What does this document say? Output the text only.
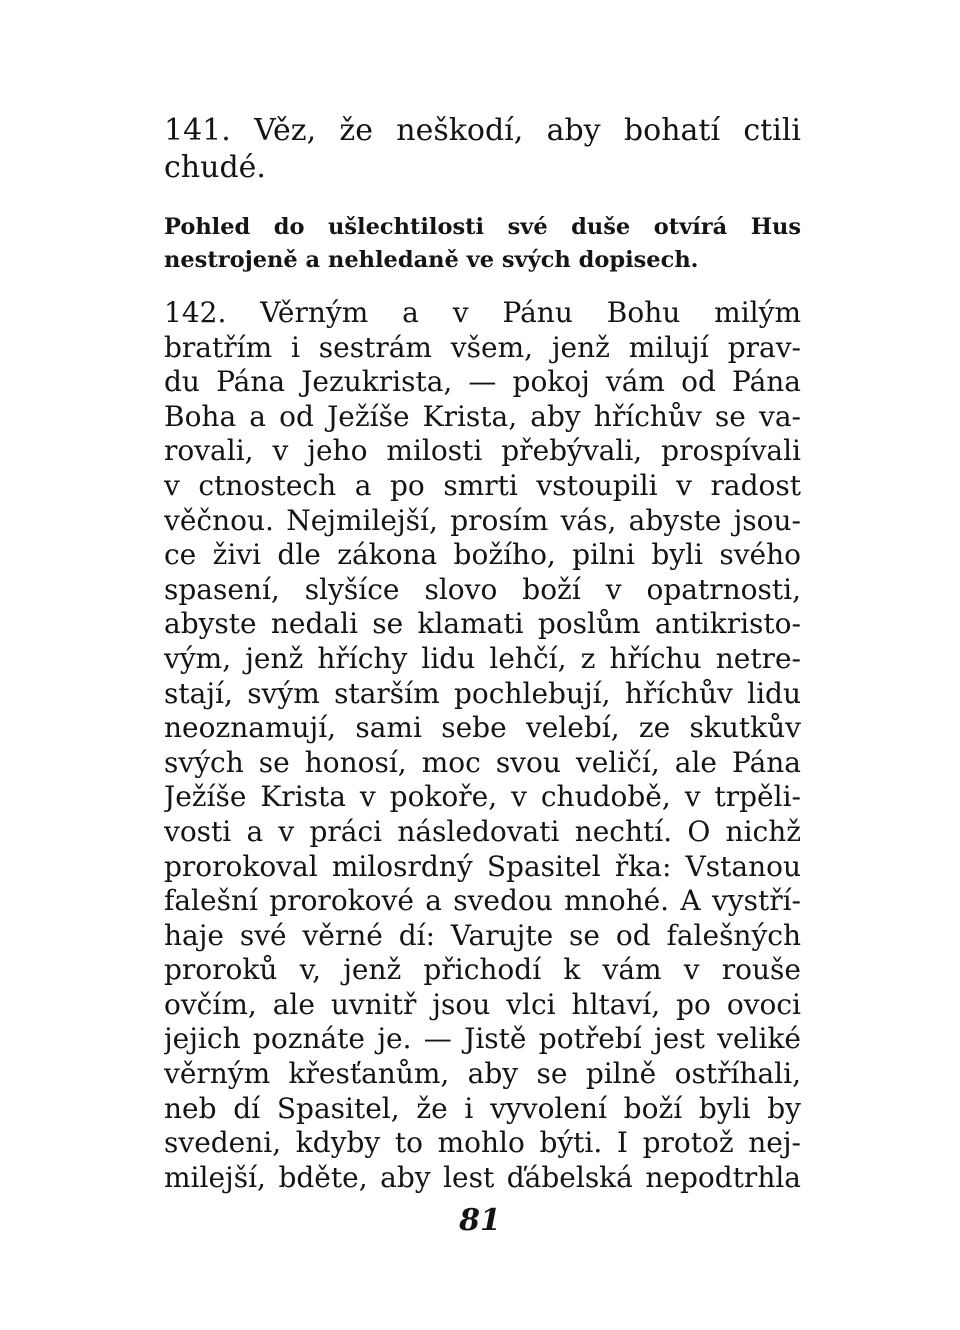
141. Věz, že neškodí, aby bohatí ctili
chudé.
Pohled do ušlechtilosti své duše otvírá Hus
nestrojeně a nehledaně ve svých dopisech.
142. Věrným a v Pánu Bohu milým
bratřím i sestrám všem, jenž milují prav-
du Pána Jezukrista, — pokoj vám od Pána
Boha a od Ježíše Krista, aby hříchův se va-
rovali, v jeho milosti přebývali, prospívali
v ctnostech a po smrti vstoupili v radost
věčnou. Nejmilejší, prosím vás, abyste jsou-
ce živi dle zákona božího, pilni byli svého
spasení, slyšíce slovo boží v opatrnosti,
abyste nedali se klamati poslům antikristo-
vým, jenž hříchy lidu lehčí, z hříchu netre-
stají, svým starším pochlebují, hříchův lidu
neoznamují, sami sebe velebí, ze skutkův
svých se honosí, moc svou veličí, ale Pána
Ježíše Krista v pokoře, v chudobě, v trpěli-
vosti a v práci následovati nechtí. O nichž
prorokoval milosrdný Spasitel řka: Vstanou
falešní prorokové a svedou mnohé. A vystří-
haje své věrné dí: Varujte se od falešných
proroků v, jenž přichodí k vám v rouše
ovčím, ale uvnitř jsou vlci hltaví, po ovoci
jejich poznáte je. — Jistě potřebí jest veliké
věrným křesťanům, aby se pilně ostříhali,
neb dí Spasitel, že i vyvolení boží byli by
svedeni, kdyby to mohlo býti. I protož nej-
milejší, bděte, aby lest ďábelská nepodtrhla
81
